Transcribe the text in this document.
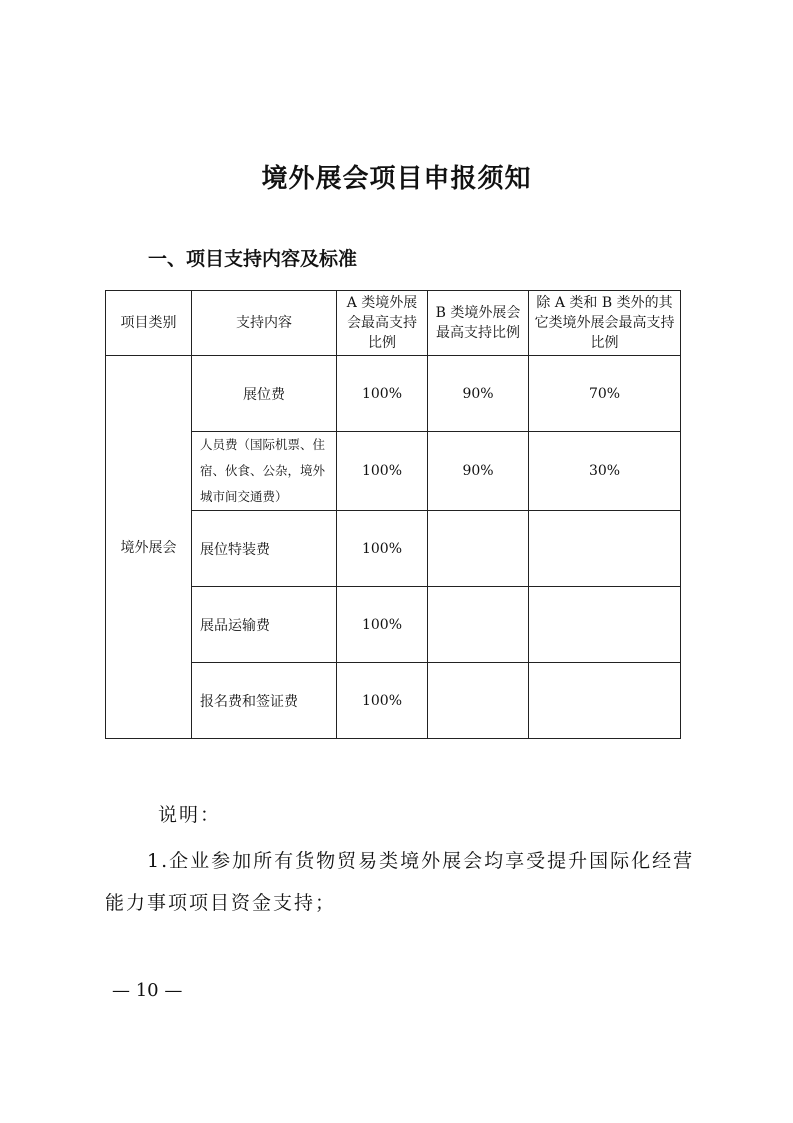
境外展会项目申报须知
一、项目支持内容及标准
项目类别	支持内容	A 类境外展会最高支持比例	B 类境外展会最高支持比例	除 A 类和 B 类外的其它类境外展会最高支持比例
境外展会	展位费	100%	90%	70%
	人员费（国际机票、住宿、伙食、公杂，境外城市间交通费）	100%	90%	30%
	展位特装费	100%		
	展品运输费	100%		
	报名费和签证费	100%		
说明：
1.企业参加所有货物贸易类境外展会均享受提升国际化经营能力事项项目资金支持；
— 10 —
